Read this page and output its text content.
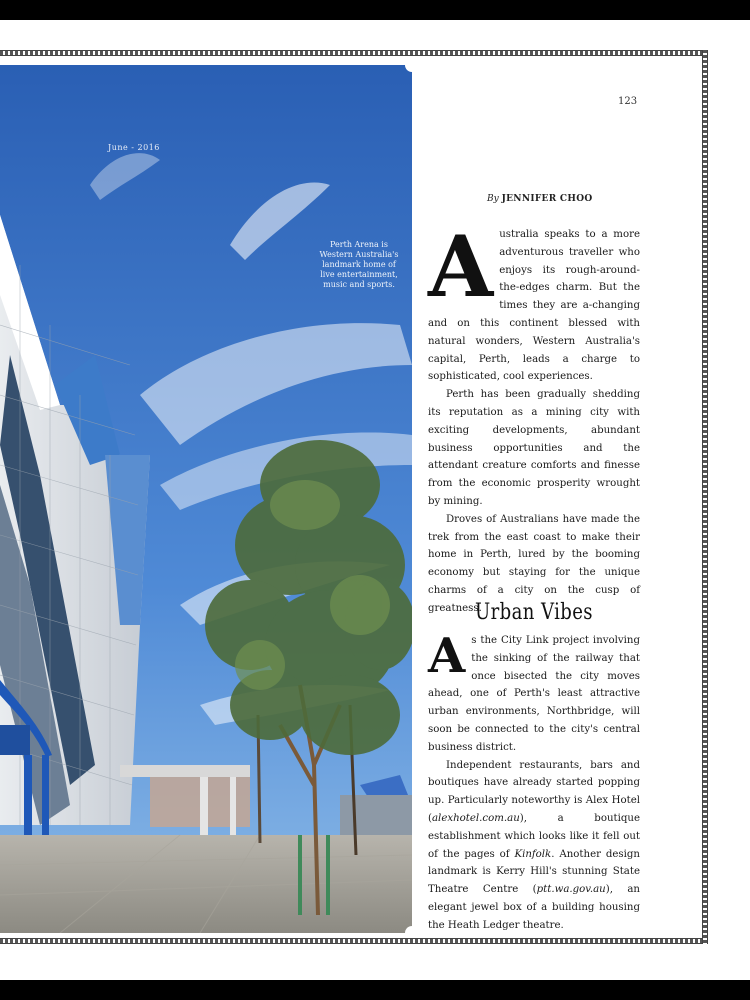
June - 2016
Perth Arena is Western Australia's landmark home of live entertainment, music and sports.
123
By JENNIFER CHOO

Australia speaks to a more adventurous traveller who enjoys its rough-around-the-edges charm. But the times they are a-changing and on this continent blessed with natural wonders, Western Australia's capital, Perth, leads a charge to sophisticated, cool experiences.

Perth has been gradually shedding its reputation as a mining city with exciting developments, abundant business opportunities and the attendant creature comforts and finesse from the economic prosperity wrought by mining.

Droves of Australians have made the trek from the east coast to make their home in Perth, lured by the booming economy but staying for the unique charms of a city on the cusp of greatness.

Urban Vibes

As the City Link project involving the sinking of the railway that once bisected the city moves ahead, one of Perth's least attractive urban environments, Northbridge, will soon be connected to the city's central business district.

Independent restaurants, bars and boutiques have already started popping up. Particularly noteworthy is Alex Hotel (alexhotel.com.au), a boutique establishment which looks like it fell out of the pages of Kinfolk. Another design landmark is Kerry Hill's stunning State Theatre Centre (ptt.wa.gov.au), an elegant jewel box of a building housing the Heath Ledger theatre.
